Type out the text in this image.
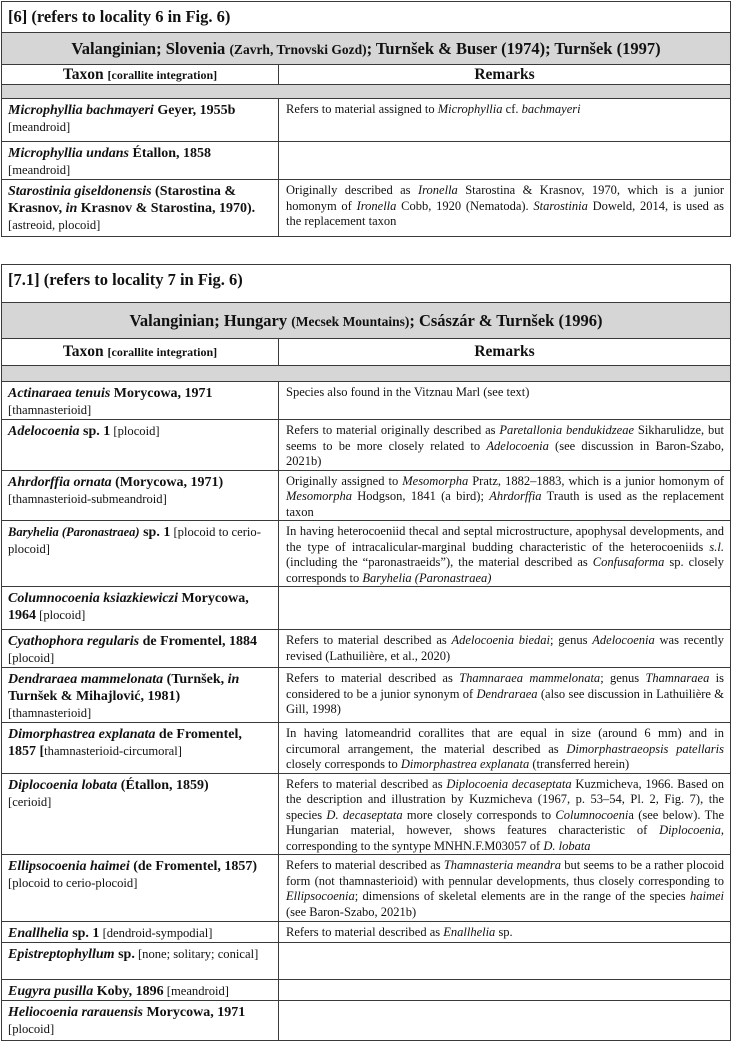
[6] (refers to locality 6 in Fig. 6)	
Valanginian; Slovenia (Zavrh, Trnovski Gozd); Turnšek & Buser (1974); Turnšek (1997)	
Taxon [corallite integration]	Remarks

Microphyllia bachmayeri Geyer, 1955b
[meandroid]	Refers to material assigned to Microphyllia cf. bachmayeri
Microphyllia undans Étallon, 1858
[meandroid]	
Starostinia giseldonensis (Starostina & Krasnov, in Krasnov & Starostina, 1970). [astreoid, plocoid]	Originally described as Ironella Starostina & Krasnov, 1970, which is a junior homonym of Ironella Cobb, 1920 (Nematoda). Starostinia Doweld, 2014, is used as the replacement taxon
[7.1] (refers to locality 7 in Fig. 6)	
Valanginian; Hungary (Mecsek Mountains); Császár & Turnšek (1996)	
Taxon [corallite integration]	Remarks

Actinaraea tenuis Morycowa, 1971
[thamnasterioid]	Species also found in the Vitznau Marl (see text)
Adelocoenia sp. 1 [plocoid]	Refers to material originally described as Paretallonia bendukidzeae Sikharulidze, but seems to be more closely related to Adelocoenia (see discussion in Baron-Szabo, 2021b)
Ahrdorffia ornata (Morycowa, 1971)
[thamnasterioid-submeandroid]	Originally assigned to Mesomorpha Pratz, 1882–1883, which is a junior homonym of Mesomorpha Hodgson, 1841 (a bird); Ahrdorffia Trauth is used as the replacement taxon
Baryhelia (Paronastraea) sp. 1 [plocoid to cerio-plocoid]	In having heterocoeniid thecal and septal microstructure, apophysal developments, and the type of intracalicular-marginal budding characteristic of the heterocoeniids s.l. (including the “paronastraeids”), the material described as Confusaforma sp. closely corresponds to Baryhelia (Paronastraea)
Columnocoenia ksiazkiewiczi Morycowa, 1964 [plocoid]	
Cyathophora regularis de Fromentel, 1884 [plocoid]	Refers to material described as Adelocoenia biedai; genus Adelocoenia was recently revised (Lathuilière, et al., 2020)
Dendraraea mammelonata (Turnšek, in Turnšek & Mihajlović, 1981)
[thamnasterioid]	Refers to material described as Thamnaraea mammelonata; genus Thamnaraea is considered to be a junior synonym of Dendraraea (also see discussion in Lathuilière & Gill, 1998)
Dimorphastrea explanata de Fromentel, 1857 [thamnasterioid-circumoral]	In having latomeandrid corallites that are equal in size (around 6 mm) and in circumoral arrangement, the material described as Dimorphastraeopsis patellaris closely corresponds to Dimorphastrea explanata (transferred herein)
Diplocoenia lobata (Étallon, 1859)
[cerioid]	Refers to material described as Diplocoenia decaseptata Kuzmicheva, 1966. Based on the description and illustration by Kuzmicheva (1967, p. 53–54, Pl. 2, Fig. 7), the species D. decaseptata more closely corresponds to Columnocoenia (see below). The Hungarian material, however, shows features characteristic of Diplocoenia, corresponding to the syntype MNHN.F.M03057 of D. lobata
Ellipsocoenia haimei (de Fromentel, 1857) [plocoid to cerio-plocoid]	Refers to material described as Thamnasteria meandra but seems to be a rather plocoid form (not thamnasterioid) with pennular developments, thus closely corresponding to Ellipsocoenia; dimensions of skeletal elements are in the range of the species haimei (see Baron-Szabo, 2021b)
Enallhelia sp. 1 [dendroid-sympodial]	Refers to material described as Enallhelia sp.
Epistreptophyllum sp. [none; solitary; conical]	
Eugyra pusilla Koby, 1896 [meandroid]	
Heliocoenia rarauensis Morycowa, 1971
[plocoid]	
